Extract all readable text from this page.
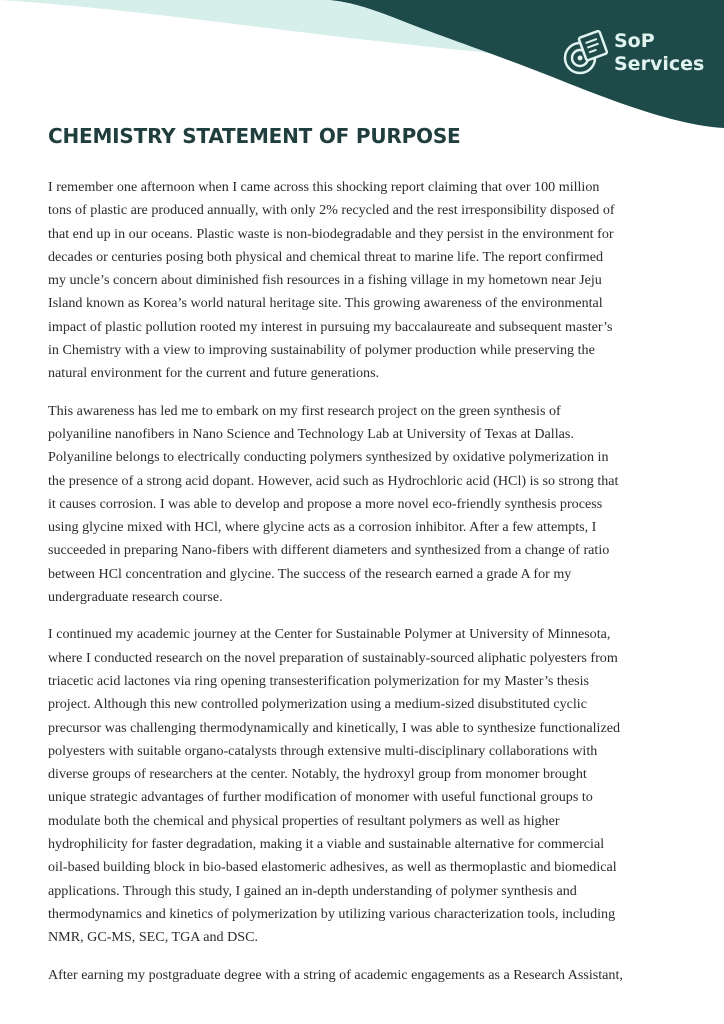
SoP
Services
CHEMISTRY STATEMENT OF PURPOSE

I remember one afternoon when I came across this shocking report claiming that over 100 million
tons of plastic are produced annually, with only 2% recycled and the rest irresponsibility disposed of
that end up in our oceans. Plastic waste is non-biodegradable and they persist in the environment for
decades or centuries posing both physical and chemical threat to marine life. The report confirmed
my uncle’s concern about diminished fish resources in a fishing village in my hometown near Jeju
Island known as Korea’s world natural heritage site. This growing awareness of the environmental
impact of plastic pollution rooted my interest in pursuing my baccalaureate and subsequent master’s
in Chemistry with a view to improving sustainability of polymer production while preserving the
natural environment for the current and future generations.

This awareness has led me to embark on my first research project on the green synthesis of
polyaniline nanofibers in Nano Science and Technology Lab at University of Texas at Dallas.
Polyaniline belongs to electrically conducting polymers synthesized by oxidative polymerization in
the presence of a strong acid dopant. However, acid such as Hydrochloric acid (HCl) is so strong that
it causes corrosion. I was able to develop and propose a more novel eco-friendly synthesis process
using glycine mixed with HCl, where glycine acts as a corrosion inhibitor. After a few attempts, I
succeeded in preparing Nano-fibers with different diameters and synthesized from a change of ratio
between HCl concentration and glycine. The success of the research earned a grade A for my
undergraduate research course.

I continued my academic journey at the Center for Sustainable Polymer at University of Minnesota,
where I conducted research on the novel preparation of sustainably-sourced aliphatic polyesters from
triacetic acid lactones via ring opening transesterification polymerization for my Master’s thesis
project. Although this new controlled polymerization using a medium-sized disubstituted cyclic
precursor was challenging thermodynamically and kinetically, I was able to synthesize functionalized
polyesters with suitable organo-catalysts through extensive multi-disciplinary collaborations with
diverse groups of researchers at the center. Notably, the hydroxyl group from monomer brought
unique strategic advantages of further modification of monomer with useful functional groups to
modulate both the chemical and physical properties of resultant polymers as well as higher
hydrophilicity for faster degradation, making it a viable and sustainable alternative for commercial
oil-based building block in bio-based elastomeric adhesives, as well as thermoplastic and biomedical
applications. Through this study, I gained an in-depth understanding of polymer synthesis and
thermodynamics and kinetics of polymerization by utilizing various characterization tools, including
NMR, GC-MS, SEC, TGA and DSC.

After earning my postgraduate degree with a string of academic engagements as a Research Assistant,
